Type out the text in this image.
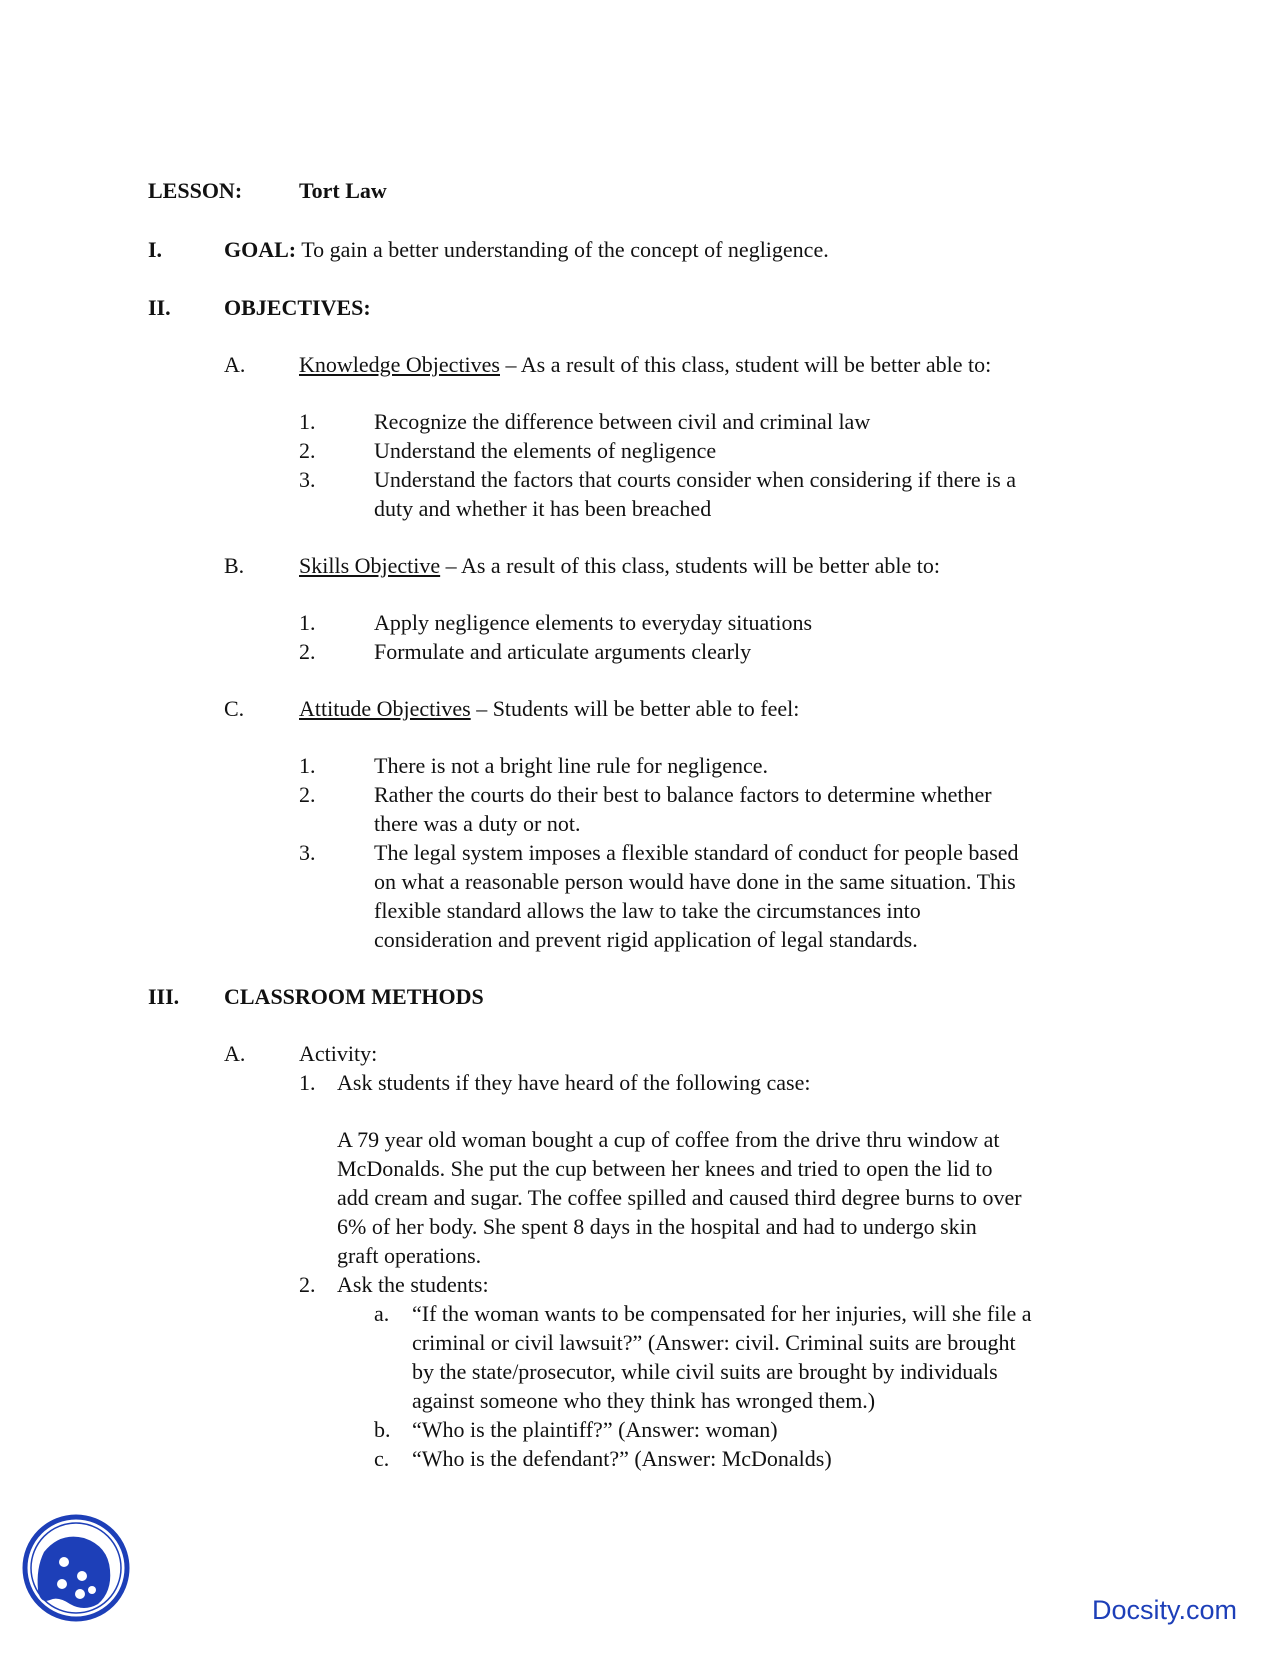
LESSON:	Tort Law
I.	GOAL: To gain a better understanding of the concept of negligence.
II. OBJECTIVES:
A. Knowledge Objectives – As a result of this class, student will be better able to:
1.	Recognize the difference between civil and criminal law
2.	Understand the elements of negligence
3.	Understand the factors that courts consider when considering if there is a
duty and whether it has been breached
B. Skills Objective – As a result of this class, students will be better able to:
1.	Apply negligence elements to everyday situations
2.	Formulate and articulate arguments clearly
C. Attitude Objectives – Students will be better able to feel:
1.	There is not a bright line rule for negligence.
2.	Rather the courts do their best to balance factors to determine whether
there was a duty or not.
3.	The legal system imposes a flexible standard of conduct for people based
on what a reasonable person would have done in the same situation. This
flexible standard allows the law to take the circumstances into
consideration and prevent rigid application of legal standards.
III. CLASSROOM METHODS
A. Activity:
1. Ask students if they have heard of the following case:
A 79 year old woman bought a cup of coffee from the drive thru window at
McDonalds. She put the cup between her knees and tried to open the lid to
add cream and sugar. The coffee spilled and caused third degree burns to over
6% of her body. She spent 8 days in the hospital and had to undergo skin
graft operations.
2. Ask the students:
a. “If the woman wants to be compensated for her injuries, will she file a
criminal or civil lawsuit?” (Answer: civil. Criminal suits are brought
by the state/prosecutor, while civil suits are brought by individuals
against someone who they think has wronged them.)
b. “Who is the plaintiff?” (Answer: woman)
c. “Who is the defendant?” (Answer: McDonalds)
Docsity.com
